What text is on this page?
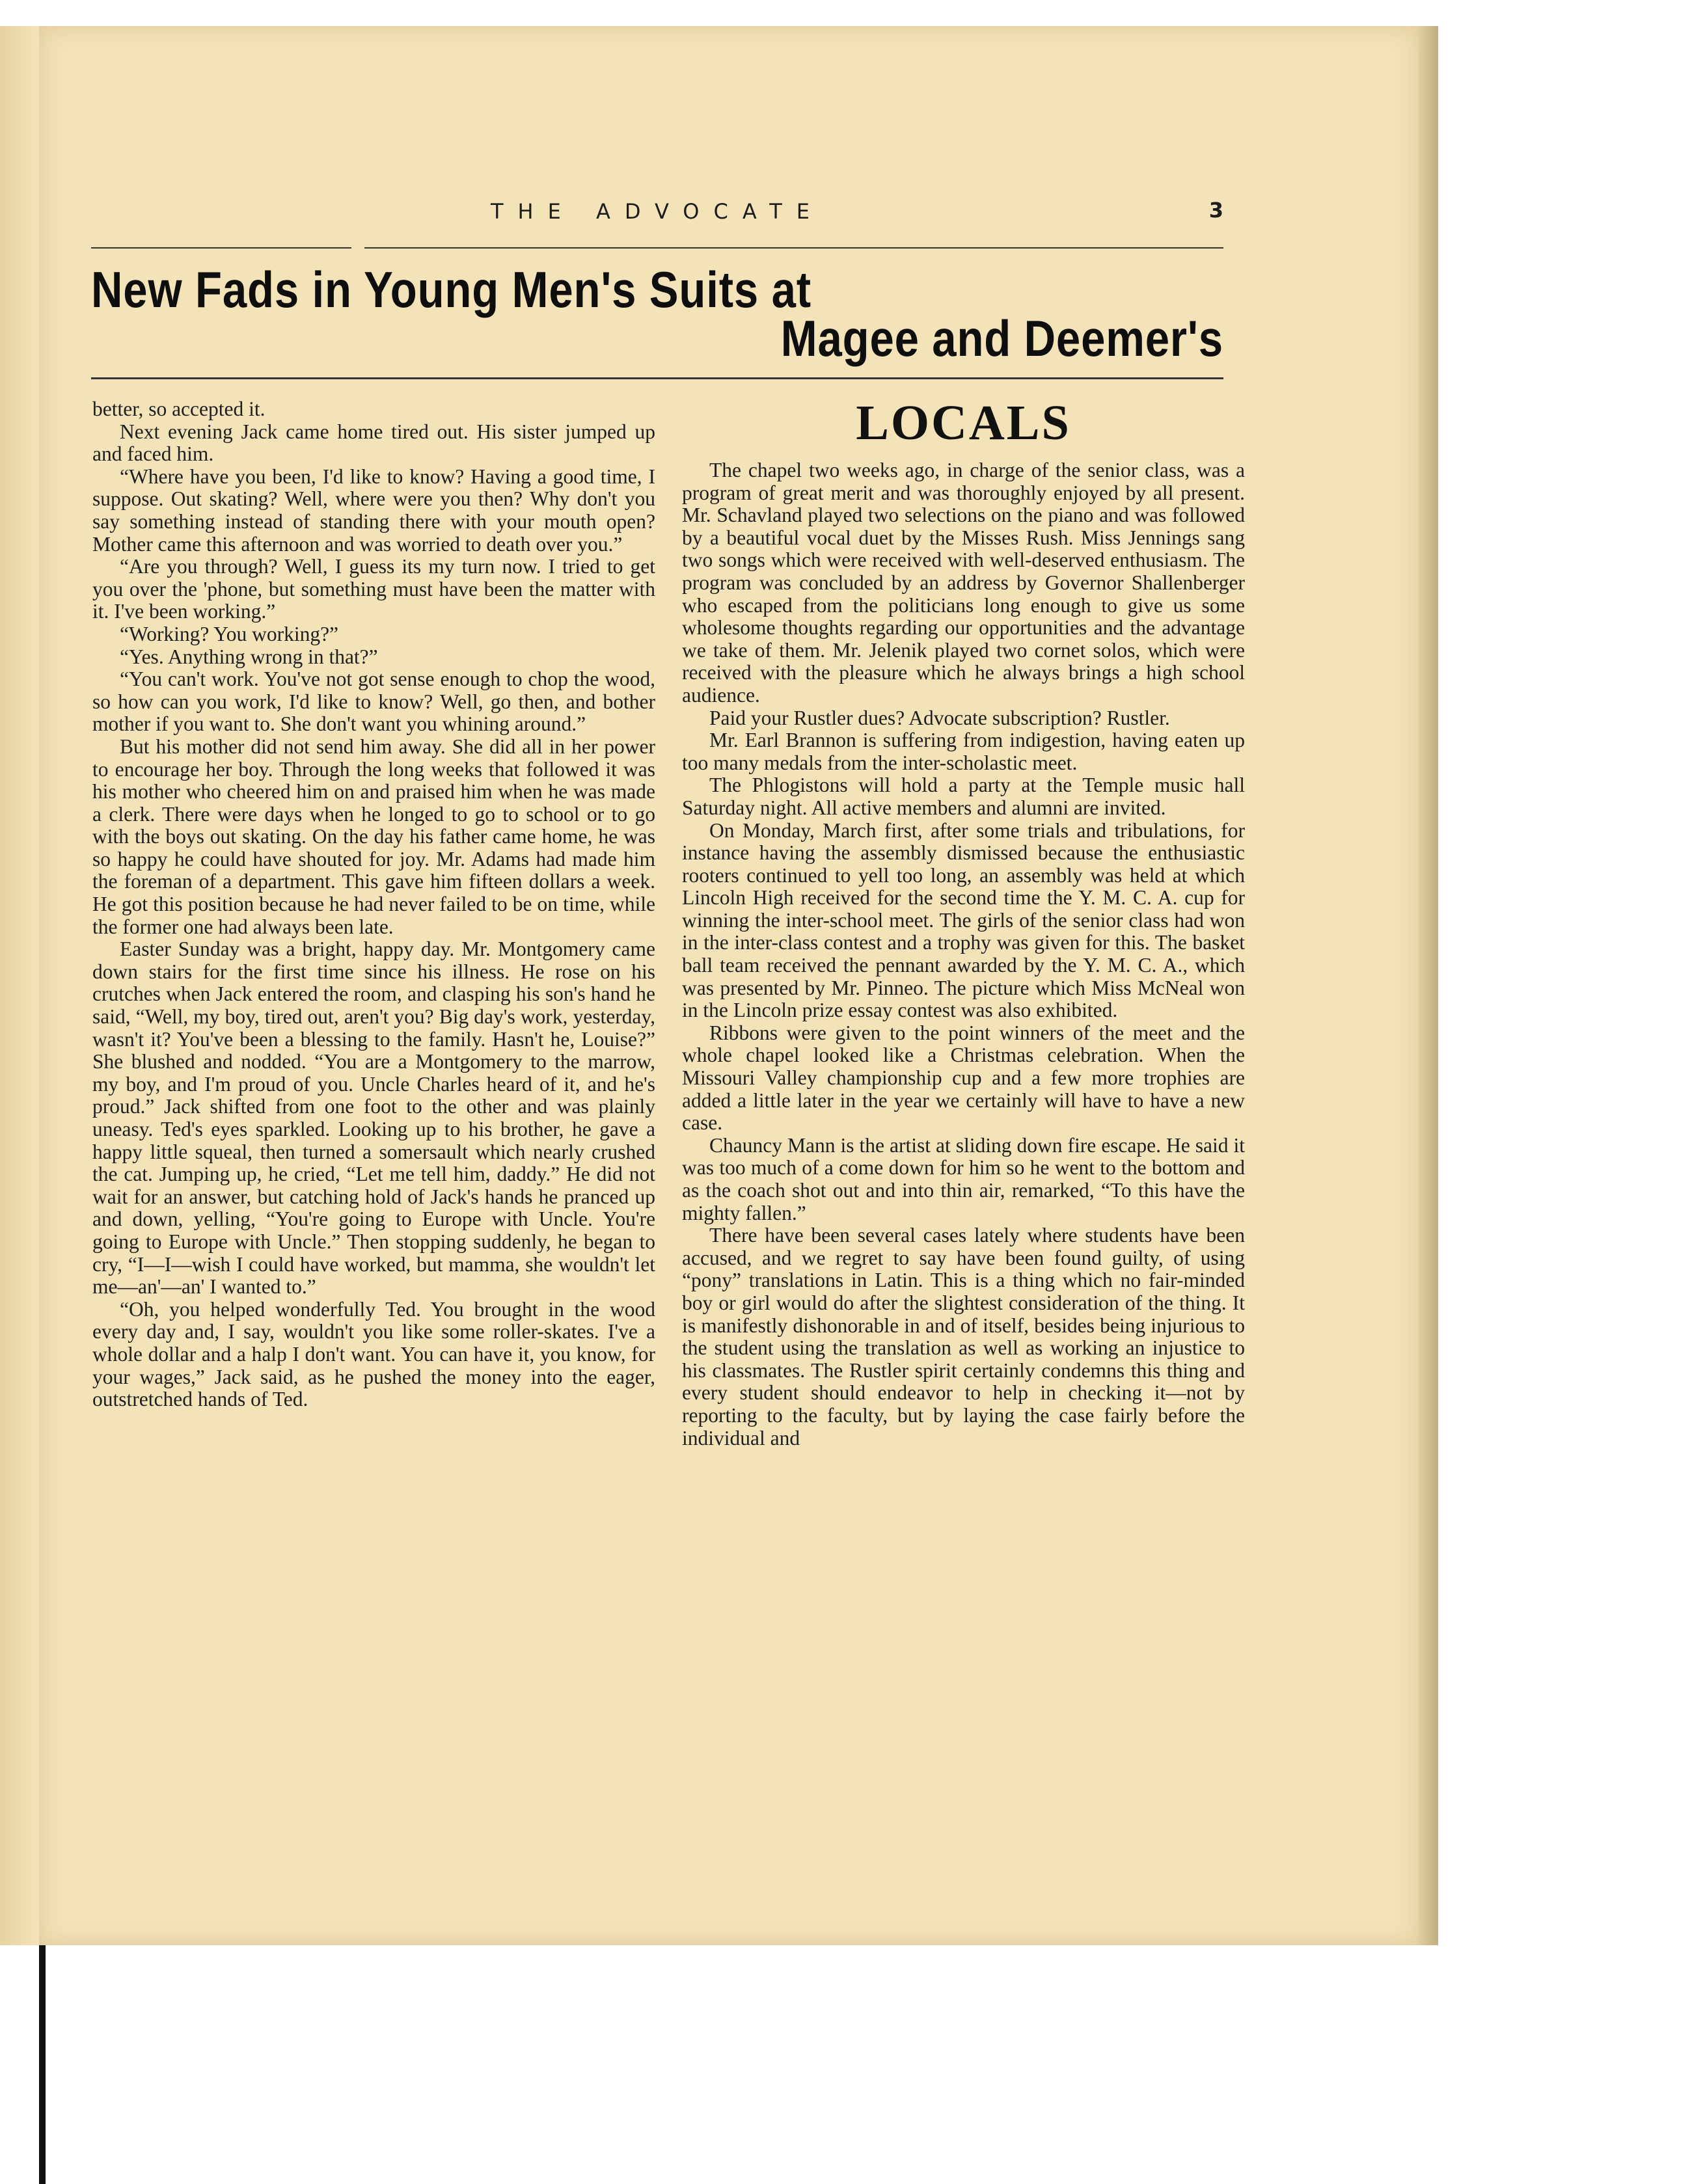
THE ADVOCATE	3
New Fads in Young Men's Suits at
Magee and Deemer's

better, so accepted it.

Next evening Jack came home tired out. His sister jumped up and faced him.

“Where have you been, I'd like to know? Having a good time, I suppose. Out skating? Well, where were you then? Why don't you say something instead of standing there with your mouth open? Mother came this afternoon and was worried to death over you.”

“Are you through? Well, I guess its my turn now. I tried to get you over the 'phone, but something must have been the matter with it. I've been working.”

“Working? You working?”

“Yes. Anything wrong in that?”

“You can't work. You've not got sense enough to chop the wood, so how can you work, I'd like to know? Well, go then, and bother mother if you want to. She don't want you whining around.”

But his mother did not send him away. She did all in her power to encourage her boy. Through the long weeks that followed it was his mother who cheered him on and praised him when he was made a clerk. There were days when he longed to go to school or to go with the boys out skating. On the day his father came home, he was so happy he could have shouted for joy. Mr. Adams had made him the foreman of a department. This gave him fifteen dollars a week. He got this position because he had never failed to be on time, while the former one had always been late.

Easter Sunday was a bright, happy day. Mr. Montgomery came down stairs for the first time since his illness. He rose on his crutches when Jack entered the room, and clasping his son's hand he said, “Well, my boy, tired out, aren't you? Big day's work, yesterday, wasn't it? You've been a blessing to the family. Hasn't he, Louise?” She blushed and nodded. “You are a Montgomery to the marrow, my boy, and I'm proud of you. Uncle Charles heard of it, and he's proud.” Jack shifted from one foot to the other and was plainly uneasy. Ted's eyes sparkled. Looking up to his brother, he gave a happy little squeal, then turned a somersault which nearly crushed the cat. Jumping up, he cried, “Let me tell him, daddy.” He did not wait for an answer, but catching hold of Jack's hands he pranced up and down, yelling, “You're going to Europe with Uncle. You're going to Europe with Uncle.” Then stopping suddenly, he began to cry, “I—I—wish I could have worked, but mamma, she wouldn't let me—an'—an' I wanted to.”

“Oh, you helped wonderfully Ted. You brought in the wood every day and, I say, wouldn't you like some roller-skates. I've a whole dollar and a halp I don't want. You can have it, you know, for your wages,” Jack said, as he pushed the money into the eager, outstretched hands of Ted.

LOCALS

The chapel two weeks ago, in charge of the senior class, was a program of great merit and was thoroughly enjoyed by all present. Mr. Schavland played two selections on the piano and was followed by a beautiful vocal duet by the Misses Rush. Miss Jennings sang two songs which were received with well-deserved enthusiasm. The program was concluded by an address by Governor Shallenberger who escaped from the politicians long enough to give us some wholesome thoughts regarding our opportunities and the advantage we take of them. Mr. Jelenik played two cornet solos, which were received with the pleasure which he always brings a high school audience.

Paid your Rustler dues? Advocate subscription? Rustler.

Mr. Earl Brannon is suffering from indigestion, having eaten up too many medals from the inter-scholastic meet.

The Phlogistons will hold a party at the Temple music hall Saturday night. All active members and alumni are invited.

On Monday, March first, after some trials and tribulations, for instance having the assembly dismissed because the enthusiastic rooters continued to yell too long, an assembly was held at which Lincoln High received for the second time the Y. M. C. A. cup for winning the inter-school meet. The girls of the senior class had won in the inter-class contest and a trophy was given for this. The basket ball team received the pennant awarded by the Y. M. C. A., which was presented by Mr. Pinneo. The picture which Miss McNeal won in the Lincoln prize essay contest was also exhibited.

Ribbons were given to the point winners of the meet and the whole chapel looked like a Christmas celebration. When the Missouri Valley championship cup and a few more trophies are added a little later in the year we certainly will have to have a new case.

Chauncy Mann is the artist at sliding down fire escape. He said it was too much of a come down for him so he went to the bottom and as the coach shot out and into thin air, remarked, “To this have the mighty fallen.”

There have been several cases lately where students have been accused, and we regret to say have been found guilty, of using “pony” translations in Latin. This is a thing which no fair-minded boy or girl would do after the slightest consideration of the thing. It is manifestly dishonorable in and of itself, besides being injurious to the student using the translation as well as working an injustice to his classmates. The Rustler spirit certainly condemns this thing and every student should endeavor to help in checking it—not by reporting to the faculty, but by laying the case fairly before the individual and
